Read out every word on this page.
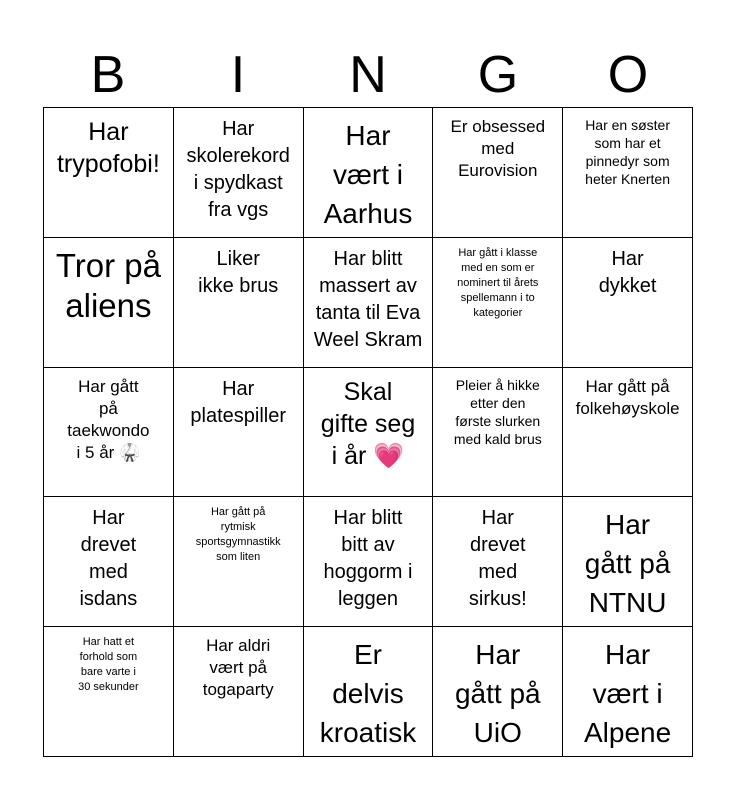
B	I	N	G	O
Har
trypofobi!
Har
skolerekord
i spydkast
fra vgs
Har
vært i
Aarhus
Er obsessed
med
Eurovision
Har en søster
som har et
pinnedyr som
heter Knerten
Tror på
aliens
Liker
ikke brus
Har blitt
massert av
tanta til Eva
Weel Skram
Har gått i klasse
med en som er
nominert til årets
spellemann i to
kategorier
Har
dykket
Har gått
på
taekwondo
i 5 år 🥋
Har
platespiller
Skal
gifte seg
i år 💗
Pleier å hikke
etter den
første slurken
med kald brus
Har gått på
folkehøyskole
Har
drevet
med
isdans
Har gått på
rytmisk
sportsgymnastikk
som liten
Har blitt
bitt av
hoggorm i
leggen
Har
drevet
med
sirkus!
Har
gått på
NTNU
Har hatt et
forhold som
bare varte i
30 sekunder
Har aldri
vært på
togaparty
Er
delvis
kroatisk
Har
gått på
UiO
Har
vært i
Alpene
